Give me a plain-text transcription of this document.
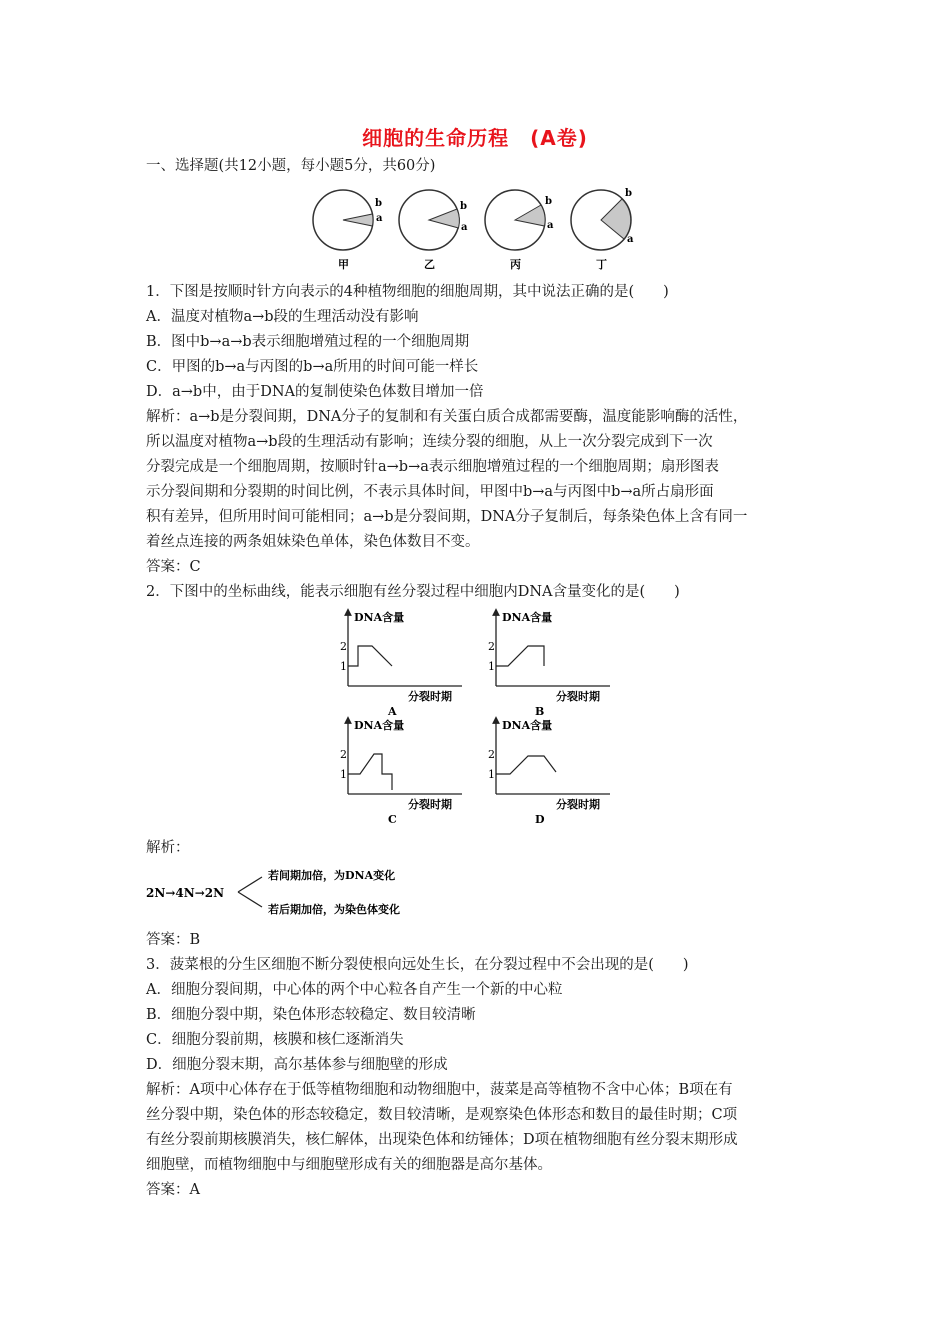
细胞的生命历程　(A卷)
一、选择题(共12小题，每小题5分，共60分)
b
a
甲
b
a
乙
b
a
丙
b
a
丁
1．下图是按顺时针方向表示的4种植物细胞的细胞周期，其中说法正确的是(　　)
A．温度对植物a→b段的生理活动没有影响
B．图中b→a→b表示细胞增殖过程的一个细胞周期
C．甲图的b→a与丙图的b→a所用的时间可能一样长
D．a→b中，由于DNA的复制使染色体数目增加一倍
解析：a→b是分裂间期，DNA分子的复制和有关蛋白质合成都需要酶，温度能影响酶的活性，
所以温度对植物a→b段的生理活动有影响；连续分裂的细胞，从上一次分裂完成到下一次
分裂完成是一个细胞周期，按顺时针a→b→a表示细胞增殖过程的一个细胞周期；扇形图表
示分裂间期和分裂期的时间比例，不表示具体时间，甲图中b→a与丙图中b→a所占扇形面
积有差异，但所用时间可能相同；a→b是分裂间期，DNA分子复制后，每条染色体上含有同一
着丝点连接的两条姐妹染色单体，染色体数目不变。
答案：C
2．下图中的坐标曲线，能表示细胞有丝分裂过程中细胞内DNA含量变化的是(　　)
DNA含量
2
1
分裂时期
A
DNA含量
2
1
分裂时期
B
DNA含量
2
1
分裂时期
C
DNA含量
2
1
分裂时期
D
解析：
2N→4N→2N
若间期加倍，为DNA变化
若后期加倍，为染色体变化
答案：B
3．菠菜根的分生区细胞不断分裂使根向远处生长，在分裂过程中不会出现的是(　　)
A．细胞分裂间期，中心体的两个中心粒各自产生一个新的中心粒
B．细胞分裂中期，染色体形态较稳定、数目较清晰
C．细胞分裂前期，核膜和核仁逐渐消失
D．细胞分裂末期，高尔基体参与细胞壁的形成
解析：A项中心体存在于低等植物细胞和动物细胞中，菠菜是高等植物不含中心体；B项在有
丝分裂中期，染色体的形态较稳定，数目较清晰，是观察染色体形态和数目的最佳时期；C项
有丝分裂前期核膜消失，核仁解体，出现染色体和纺锤体；D项在植物细胞有丝分裂末期形成
细胞壁，而植物细胞中与细胞壁形成有关的细胞器是高尔基体。
答案：A
